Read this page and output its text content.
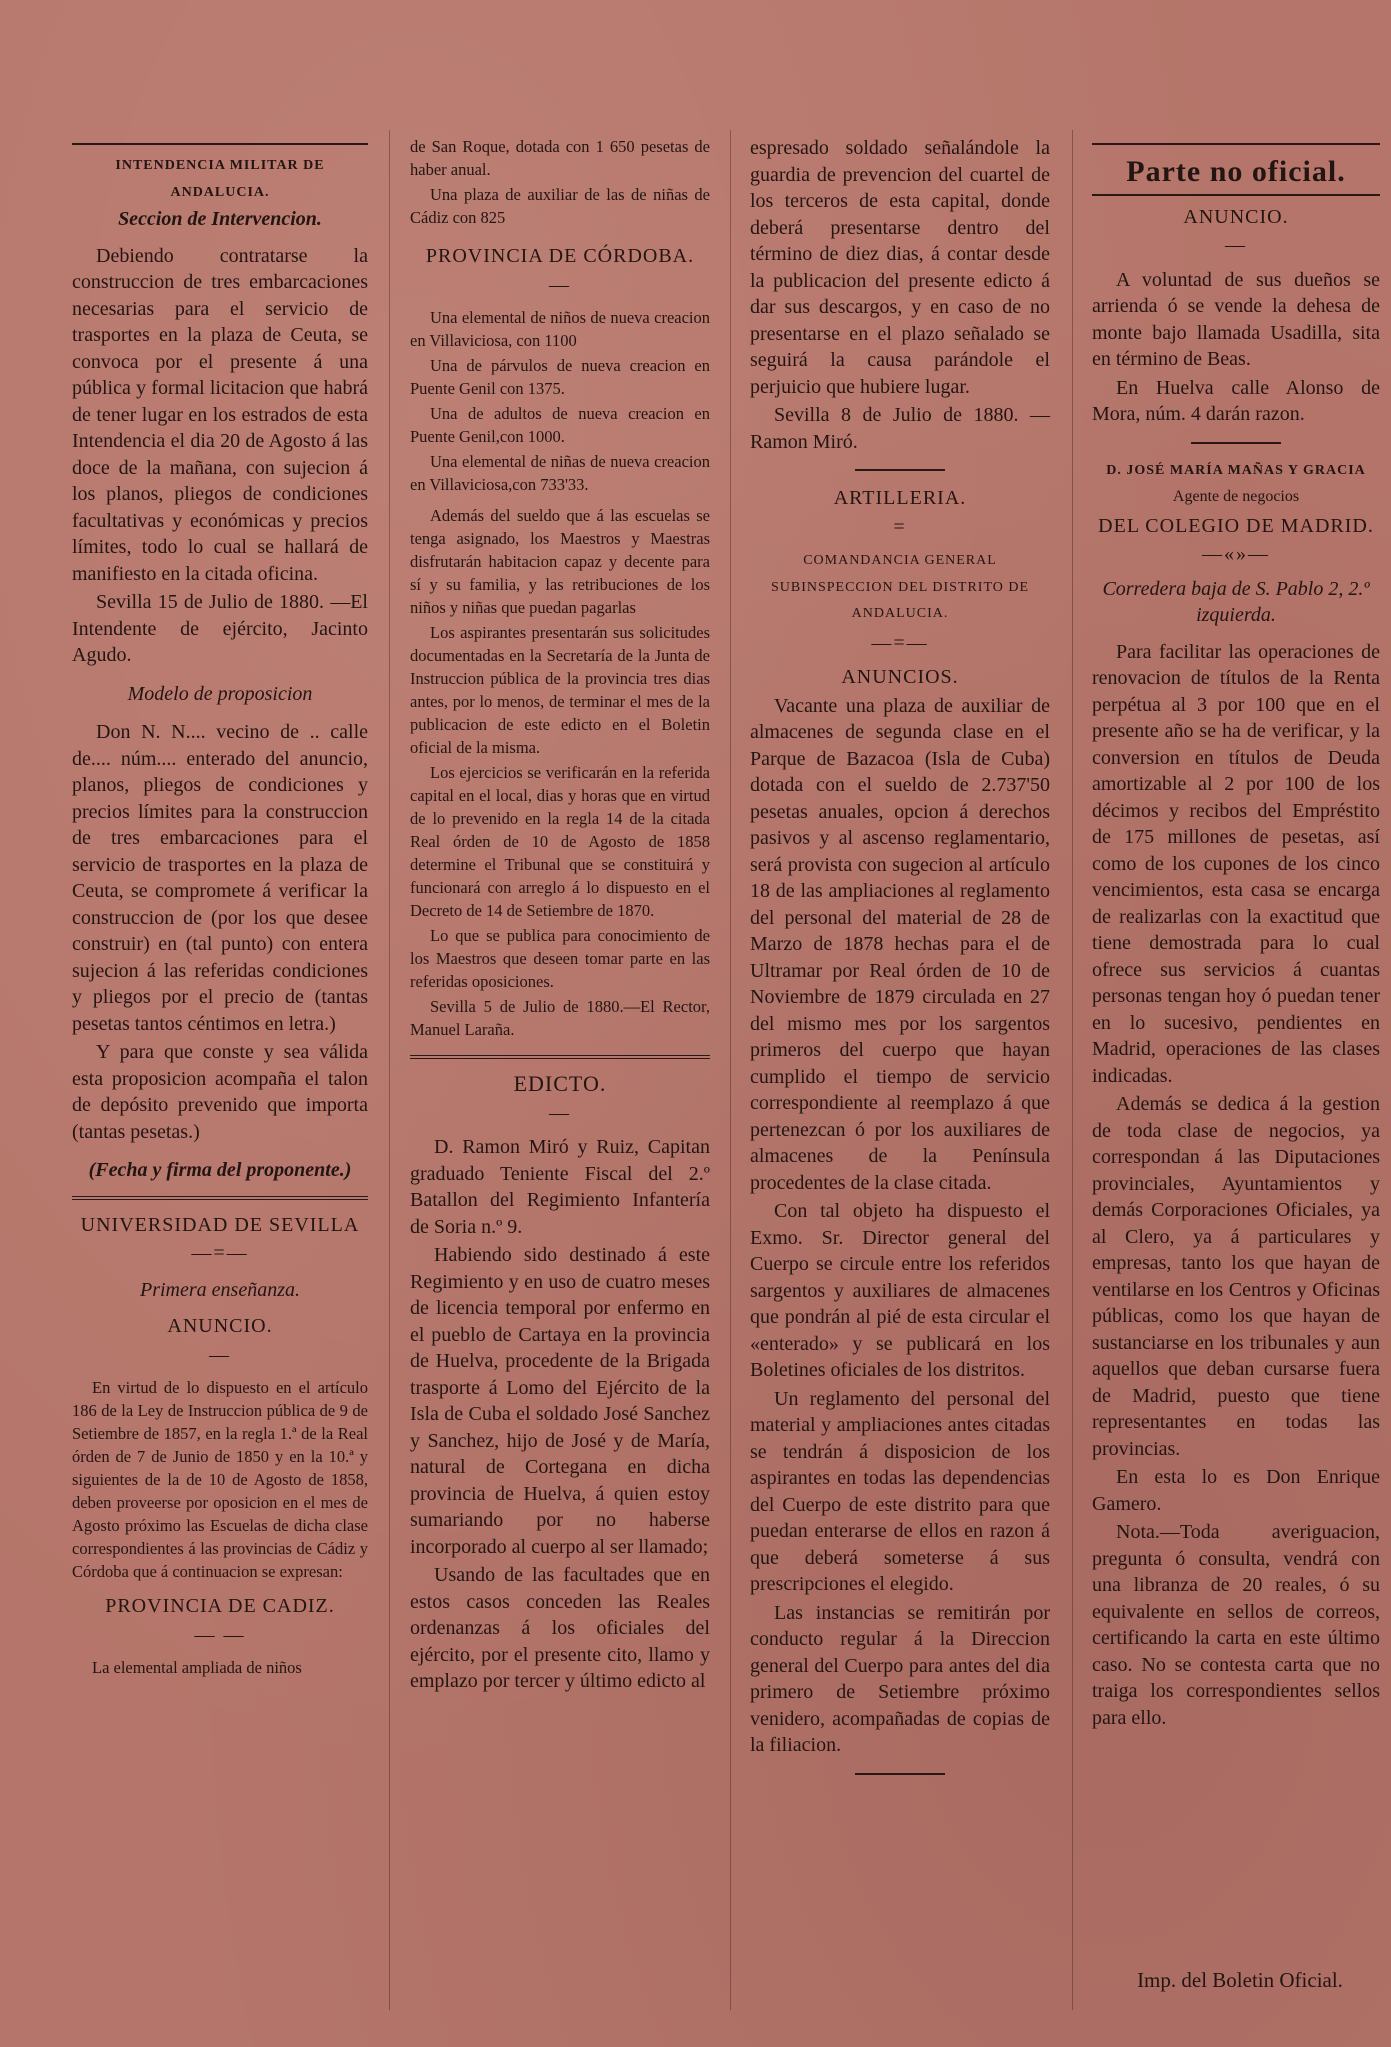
INTENDENCIA MILITAR DE ANDALUCIA.

Seccion de Intervencion.

Debiendo contratarse la construccion de tres embarcaciones necesarias para el servicio de trasportes en la plaza de Ceuta, se convoca por el presente á una pública y formal licitacion que habrá de tener lugar en los estrados de esta Intendencia el dia 20 de Agosto á las doce de la mañana, con sujecion á los planos, pliegos de condiciones facultativas y económicas y precios límites, todo lo cual se hallará de manifiesto en la citada oficina.

Sevilla 15 de Julio de 1880. —El Intendente de ejército, Jacinto Agudo.

Modelo de proposicion

Don N. N.... vecino de .. calle de.... núm.... enterado del anuncio, planos, pliegos de condiciones y precios límites para la construccion de tres embarcaciones para el servicio de trasportes en la plaza de Ceuta, se compromete á verificar la construccion de (por los que desee construir) en (tal punto) con entera sujecion á las referidas condiciones y pliegos por el precio de (tantas pesetas tantos céntimos en letra.)

Y para que conste y sea válida esta proposicion acompaña el talon de depósito prevenido que importa (tantas pesetas.)

(Fecha y firma del proponente.)

UNIVERSIDAD DE SEVILLA

—=—

Primera enseñanza.

ANUNCIO.

—

En virtud de lo dispuesto en el artículo 186 de la Ley de Instruccion pública de 9 de Setiembre de 1857, en la regla 1.ª de la Real órden de 7 de Junio de 1850 y en la 10.ª y siguientes de la de 10 de Agosto de 1858, deben proveerse por oposicion en el mes de Agosto próximo las Escuelas de dicha clase correspondientes á las provincias de Cádiz y Córdoba que á continuacion se expresan:

PROVINCIA DE CADIZ.

— —

La elemental ampliada de niños

de San Roque, dotada con 1 650 pesetas de haber anual.

Una plaza de auxiliar de las de niñas de Cádiz con 825

PROVINCIA DE CÓRDOBA.

—

Una elemental de niños de nueva creacion en Villaviciosa, con 1100

Una de párvulos de nueva creacion en Puente Genil con 1375.

Una de adultos de nueva creacion en Puente Genil,con 1000.

Una elemental de niñas de nueva creacion en Villaviciosa,con 733'33.

Además del sueldo que á las escuelas se tenga asignado, los Maestros y Maestras disfrutarán habitacion capaz y decente para sí y su familia, y las retribuciones de los niños y niñas que puedan pagarlas

Los aspirantes presentarán sus solicitudes documentadas en la Secretaría de la Junta de Instruccion pública de la provincia tres dias antes, por lo menos, de terminar el mes de la publicacion de este edicto en el Boletin oficial de la misma.

Los ejercicios se verificarán en la referida capital en el local, dias y horas que en virtud de lo prevenido en la regla 14 de la citada Real órden de 10 de Agosto de 1858 determine el Tribunal que se constituirá y funcionará con arreglo á lo dispuesto en el Decreto de 14 de Setiembre de 1870.

Lo que se publica para conocimiento de los Maestros que deseen tomar parte en las referidas oposiciones.

Sevilla 5 de Julio de 1880.—El Rector, Manuel Laraña.

EDICTO.

—

D. Ramon Miró y Ruiz, Capitan graduado Teniente Fiscal del 2.º Batallon del Regimiento Infantería de Soria n.º 9.

Habiendo sido destinado á este Regimiento y en uso de cuatro meses de licencia temporal por enfermo en el pueblo de Cartaya en la provincia de Huelva, procedente de la Brigada trasporte á Lomo del Ejército de la Isla de Cuba el soldado José Sanchez y Sanchez, hijo de José y de María, natural de Cortegana en dicha provincia de Huelva, á quien estoy sumariando por no haberse incorporado al cuerpo al ser llamado;

Usando de las facultades que en estos casos conceden las Reales ordenanzas á los oficiales del ejército, por el presente cito, llamo y emplazo por tercer y último edicto al

espresado soldado señalándole la guardia de prevencion del cuartel de los terceros de esta capital, donde deberá presentarse dentro del término de diez dias, á contar desde la publicacion del presente edicto á dar sus descargos, y en caso de no presentarse en el plazo señalado se seguirá la causa parándole el perjuicio que hubiere lugar.

Sevilla 8 de Julio de 1880. —Ramon Miró.

ARTILLERIA.

=
COMANDANCIA GENERAL SUBINSPECCION DEL DISTRITO DE ANDALUCIA.
—=—

ANUNCIOS.

Vacante una plaza de auxiliar de almacenes de segunda clase en el Parque de Bazacoa (Isla de Cuba) dotada con el sueldo de 2.737'50 pesetas anuales, opcion á derechos pasivos y al ascenso reglamentario, será provista con sugecion al artículo 18 de las ampliaciones al reglamento del personal del material de 28 de Marzo de 1878 hechas para el de Ultramar por Real órden de 10 de Noviembre de 1879 circulada en 27 del mismo mes por los sargentos primeros del cuerpo que hayan cumplido el tiempo de servicio correspondiente al reemplazo á que pertenezcan ó por los auxiliares de almacenes de la Península procedentes de la clase citada.

Con tal objeto ha dispuesto el Exmo. Sr. Director general del Cuerpo se circule entre los referidos sargentos y auxiliares de almacenes que pondrán al pié de esta circular el «enterado» y se publicará en los Boletines oficiales de los distritos.

Un reglamento del personal del material y ampliaciones antes citadas se tendrán á disposicion de los aspirantes en todas las dependencias del Cuerpo de este distrito para que puedan enterarse de ellos en razon á que deberá someterse á sus prescripciones el elegido.

Las instancias se remitirán por conducto regular á la Direccion general del Cuerpo para antes del dia primero de Setiembre próximo venidero, acompañadas de copias de la filiacion.

Parte no oficial.

ANUNCIO.

—

A voluntad de sus dueños se arrienda ó se vende la dehesa de monte bajo llamada Usadilla, sita en término de Beas.

En Huelva calle Alonso de Mora, núm. 4 darán razon.

D. JOSÉ MARÍA MAÑAS Y GRACIA

Agente de negocios

DEL COLEGIO DE MADRID.

—«»—

Corredera baja de S. Pablo 2, 2.º izquierda.

Para facilitar las operaciones de renovacion de títulos de la Renta perpétua al 3 por 100 que en el presente año se ha de verificar, y la conversion en títulos de Deuda amortizable al 2 por 100 de los décimos y recibos del Empréstito de 175 millones de pesetas, así como de los cupones de los cinco vencimientos, esta casa se encarga de realizarlas con la exactitud que tiene demostrada para lo cual ofrece sus servicios á cuantas personas tengan hoy ó puedan tener en lo sucesivo, pendientes en Madrid, operaciones de las clases indicadas.

Además se dedica á la gestion de toda clase de negocios, ya correspondan á las Diputaciones provinciales, Ayuntamientos y demás Corporaciones Oficiales, ya al Clero, ya á particulares y empresas, tanto los que hayan de ventilarse en los Centros y Oficinas públicas, como los que hayan de sustanciarse en los tribunales y aun aquellos que deban cursarse fuera de Madrid, puesto que tiene representantes en todas las provincias.

En esta lo es Don Enrique Gamero.

Nota.—Toda averiguacion, pregunta ó consulta, vendrá con una libranza de 20 reales, ó su equivalente en sellos de correos, certificando la carta en este último caso. No se contesta carta que no traiga los correspondientes sellos para ello.

Imp. del Boletin Oficial.
